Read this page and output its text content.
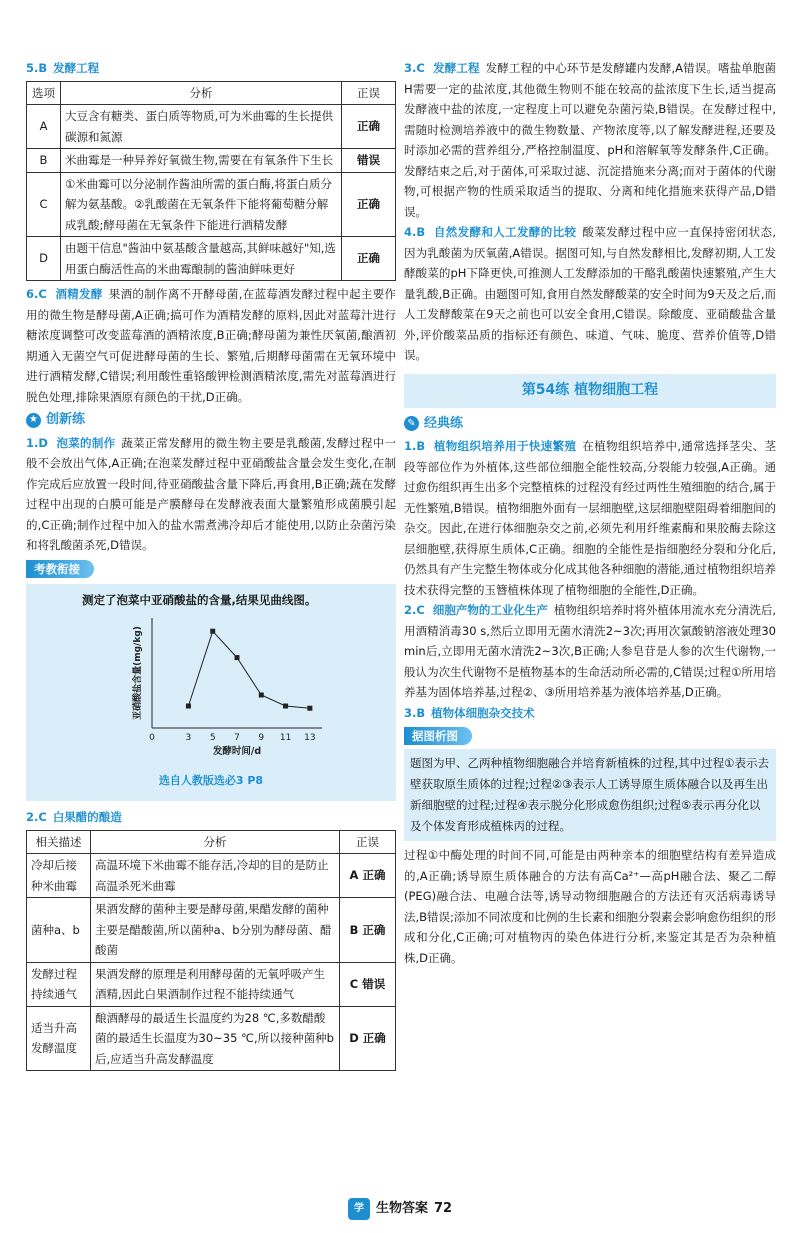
5.B 发酵工程
选项	分析	正误
A	大豆含有糖类、蛋白质等物质,可为米曲霉的生长提供碳源和氮源	正确
B	米曲霉是一种异养好氧微生物,需要在有氧条件下生长	错误
C	①米曲霉可以分泌制作酱油所需的蛋白酶,将蛋白质分解为氨基酸。②乳酸菌在无氧条件下能将葡萄糖分解成乳酸;酵母菌在无氧条件下能进行酒精发酵	正确
D	由题干信息"酱油中氨基酸含量越高,其鲜味越好"知,选用蛋白酶活性高的米曲霉酿制的酱油鲜味更好	正确

6.C 酒精发酵 果酒的制作离不开酵母菌,在蓝莓酒发酵过程中起主要作用的微生物是酵母菌,A正确;搞可作为酒精发酵的原料,因此对蓝莓汁进行糖浓度调整可改变蓝莓酒的酒精浓度,B正确;酵母菌为兼性厌氧菌,酿酒初期通入无菌空气可促进酵母菌的生长、繁殖,后期酵母菌需在无氧环境中进行酒精发酵,C错误;利用酸性重铬酸钾检测酒精浓度,需先对蓝莓酒进行脱色处理,排除果酒原有颜色的干扰,D正确。

★ 创新练

1.D 泡菜的制作 蔬菜正常发酵用的微生物主要是乳酸菌,发酵过程中一般不会放出气体,A正确;在泡菜发酵过程中亚硝酸盐含量会发生变化,在制作完成后应放置一段时间,待亚硝酸盐含量下降后,再食用,B正确;蔬在发酵过程中出现的白膜可能是产膜酵母在发酵液表面大量繁殖形成菌膜引起的,C正确;制作过程中加入的盐水需煮沸冷却后才能使用,以防止杂菌污染和将乳酸菌杀死,D错误。

考教衔接
测定了泡菜中亚硝酸盐的含量,结果见曲线图。
0	3 5 7 9 11 13
发酵时间/d
亚硝酸盐含量(mg/kg)
选自人教版选必3 P8
2.C 白果醋的酿造
相关描述	分析	正误
冷却后接种米曲霉	高温环境下米曲霉不能存活,冷却的目的是防止高温杀死米曲霉	A 正确
菌种a、b	果酒发酵的菌种主要是酵母菌,果醋发酵的菌种主要是醋酸菌,所以菌种a、b分别为酵母菌、醋酸菌	B 正确
发酵过程持续通气	果酒发酵的原理是利用酵母菌的无氧呼吸产生酒精,因此白果酒制作过程不能持续通气	C 错误
适当升高发酵温度	酿酒酵母的最适生长温度约为28 ℃,多数醋酸菌的最适生长温度为30~35 ℃,所以接种菌种b后,应适当升高发酵温度	D 正确

3.C 发酵工程 发酵工程的中心环节是发酵罐内发酵,A错误。嗜盐单胞菌H需要一定的盐浓度,其他微生物则不能在较高的盐浓度下生长,适当提高发酵液中盐的浓度,一定程度上可以避免杂菌污染,B错误。在发酵过程中,需随时检测培养液中的微生物数量、产物浓度等,以了解发酵进程,还要及时添加必需的营养组分,严格控制温度、pH和溶解氧等发酵条件,C正确。发酵结束之后,对于菌体,可采取过滤、沉淀措施来分离;而对于菌体的代谢物,可根据产物的性质采取适当的提取、分离和纯化措施来获得产品,D错误。

4.B 自然发酵和人工发酵的比较 酸菜发酵过程中应一直保持密闭状态,因为乳酸菌为厌氧菌,A错误。据图可知,与自然发酵相比,发酵初期,人工发酵酸菜的pH下降更快,可推测人工发酵添加的干酪乳酸菌快速繁殖,产生大量乳酸,B正确。由题图可知,食用自然发酵酸菜的安全时间为9天及之后,而人工发酵酸菜在9天之前也可以安全食用,C错误。除酸度、亚硝酸盐含量外,评价酸菜品质的指标还有颜色、味道、气味、脆度、营养价值等,D错误。

第54练 植物细胞工程
✎ 经典练

1.B 植物组织培养用于快速繁殖 在植物组织培养中,通常选择茎尖、茎段等部位作为外植体,这些部位细胞全能性较高,分裂能力较强,A正确。通过愈伤组织再生出多个完整植株的过程没有经过两性生殖细胞的结合,属于无性繁殖,B错误。植物细胞外面有一层细胞壁,这层细胞壁阻碍着细胞间的杂交。因此,在进行体细胞杂交之前,必须先利用纤维素酶和果胶酶去除这层细胞壁,获得原生质体,C正确。细胞的全能性是指细胞经分裂和分化后,仍然具有产生完整生物体或分化成其他各种细胞的潜能,通过植物组织培养技术获得完整的玉簪植株体现了植物细胞的全能性,D正确。

2.C 细胞产物的工业化生产 植物组织培养时将外植体用流水充分清洗后,用酒精消毒30 s,然后立即用无菌水清洗2~3次;再用次氯酸钠溶液处理30 min后,立即用无菌水清洗2~3次,B正确;人参皂苷是人参的次生代谢物,一般认为次生代谢物不是植物基本的生命活动所必需的,C错误;过程①所用培养基为固体培养基,过程②、③所用培养基为液体培养基,D正确。

3.B 植物体细胞杂交技术
据图析图
题图为甲、乙两种植物细胞融合并培育新植株的过程,其中过程①表示去壁获取原生质体的过程;过程②③表示人工诱导原生质体融合以及再生出新细胞壁的过程;过程④表示脱分化形成愈伤组织;过程⑤表示再分化以及个体发育形成植株丙的过程。

过程①中酶处理的时间不同,可能是由两种亲本的细胞壁结构有差异造成的,A正确;诱导原生质体融合的方法有高Ca²⁺—高pH融合法、聚乙二醇(PEG)融合法、电融合法等,诱导动物细胞融合的方法还有灭活病毒诱导法,B错误;添加不同浓度和比例的生长素和细胞分裂素会影响愈伤组织的形成和分化,C正确;可对植物丙的染色体进行分析,来鉴定其是否为杂种植株,D正确。

学 生物答案 72
